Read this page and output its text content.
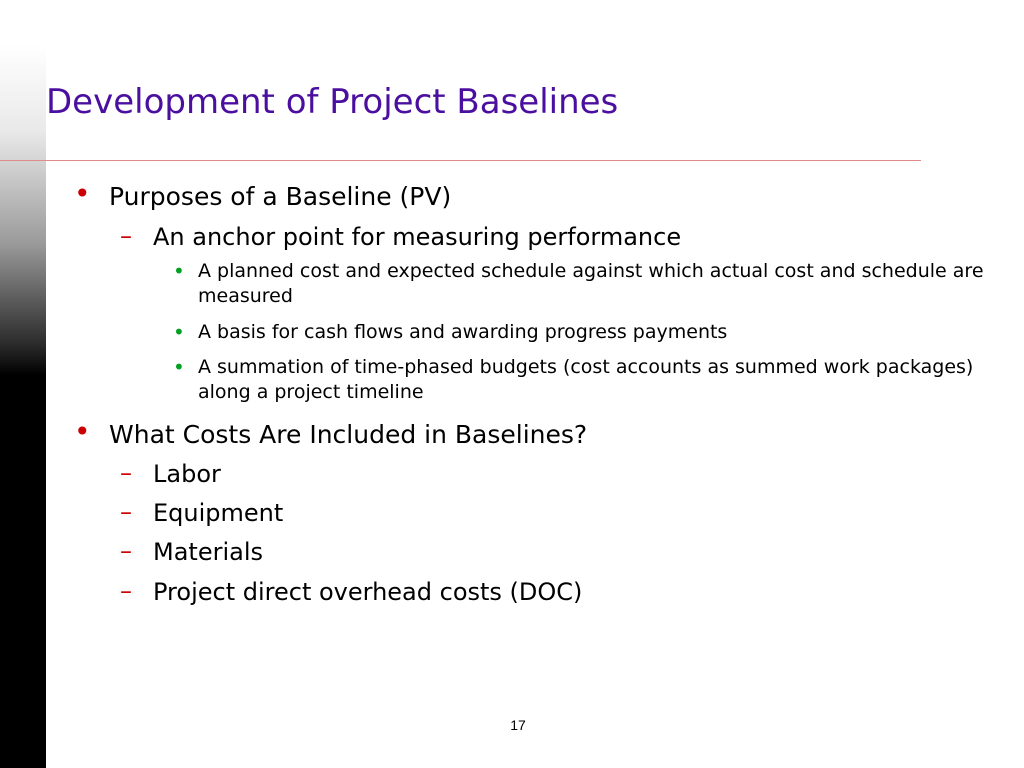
Development of Project Baselines
• Purposes of a Baseline (PV)
– An anchor point for measuring performance
• A planned cost and expected schedule against which actual cost and schedule are measured
• A basis for cash flows and awarding progress payments
• A summation of time-phased budgets (cost accounts as summed work packages) along a project timeline
• What Costs Are Included in Baselines?
– Labor
– Equipment
– Materials
– Project direct overhead costs (DOC)
17
